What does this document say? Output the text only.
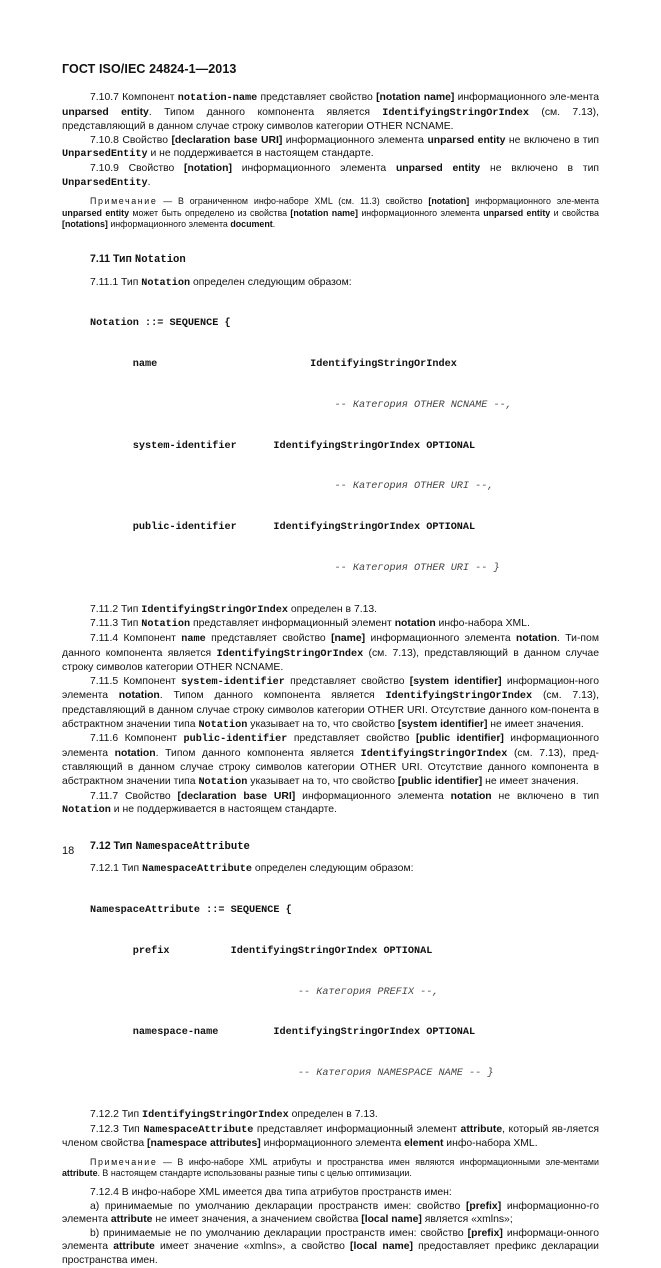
ГОСТ ISO/IEC 24824-1—2013

7.10.7 Компонент notation-name представляет свойство [notation name] информационного эле-мента unparsed entity. Типом данного компонента является IdentifyingStringOrIndex (см. 7.13), представляющий в данном случае строку символов категории OTHER NCNAME.

7.10.8 Свойство [declaration base URI] информационного элемента unparsed entity не включено в тип UnparsedEntity и не поддерживается в настоящем стандарте.

7.10.9 Свойство [notation] информационного элемента unparsed entity не включено в тип UnparsedEntity.

Примечание — В ограниченном инфо-наборе XML (см. 11.3) свойство [notation] информационного эле-мента unparsed entity может быть определено из свойства [notation name] информационного элемента unparsed entity и свойства [notations] информационного элемента document.

7.11 Тип Notation

7.11.1 Тип Notation определен следующим образом:

Notation ::= SEQUENCE {

name                         IdentifyingStringOrIndex

-- Категория OTHER NCNAME --,

system-identifier      IdentifyingStringOrIndex OPTIONAL

-- Категория OTHER URI --,

public-identifier      IdentifyingStringOrIndex OPTIONAL

-- Категория OTHER URI -- }

7.11.2 Тип IdentifyingStringOrIndex определен в 7.13.

7.11.3 Тип Notation представляет информационный элемент notation инфо-набора XML.

7.11.4 Компонент name представляет свойство [name] информационного элемента notation. Ти-пом данного компонента является IdentifyingStringOrIndex (см. 7.13), представляющий в данном случае строку символов категории OTHER NCNAME.

7.11.5 Компонент system-identifier представляет свойство [system identifier] информацион-ного элемента notation. Типом данного компонента является IdentifyingStringOrIndex (см. 7.13), представляющий в данном случае строку символов категории OTHER URI. Отсутствие данного ком-понента в абстрактном значении типа Notation указывает на то, что свойство [system identifier] не имеет значения.

7.11.6 Компонент public-identifier представляет свойство [public identifier] информационного элемента notation. Типом данного компонента является IdentifyingStringOrIndex (см. 7.13), пред-ставляющий в данном случае строку символов категории OTHER URI. Отсутствие данного компонента в абстрактном значении типа Notation указывает на то, что свойство [public identifier] не имеет значения.

7.11.7 Свойство [declaration base URI] информационного элемента notation не включено в тип Notation и не поддерживается в настоящем стандарте.

7.12 Тип NamespaceAttribute

7.12.1 Тип NamespaceAttribute определен следующим образом:

NamespaceAttribute ::= SEQUENCE {

prefix          IdentifyingStringOrIndex OPTIONAL

-- Категория PREFIX --,

namespace-name         IdentifyingStringOrIndex OPTIONAL

-- Категория NAMESPACE NAME -- }

7.12.2 Тип IdentifyingStringOrIndex определен в 7.13.

7.12.3 Тип NamespaceAttribute представляет информационный элемент attribute, который яв-ляется членом свойства [namespace attributes] информационного элемента element инфо-набора XML.

Примечание — В инфо-наборе XML атрибуты и пространства имен являются информационными эле-ментами attribute. В настоящем стандарте использованы разные типы с целью оптимизации.

7.12.4 В инфо-наборе XML имеется два типа атрибутов пространств имен:

а) принимаемые по умолчанию декларации пространств имен: свойство [prefix] информационно-го элемента attribute не имеет значения, а значением свойства [local name] является «xmlns»;

b) принимаемые не по умолчанию декларации пространств имен: свойство [prefix] информаци-онного элемента attribute имеет значение «xmlns», а свойство [local name] предоставляет префикс декларации пространства имен.

18
